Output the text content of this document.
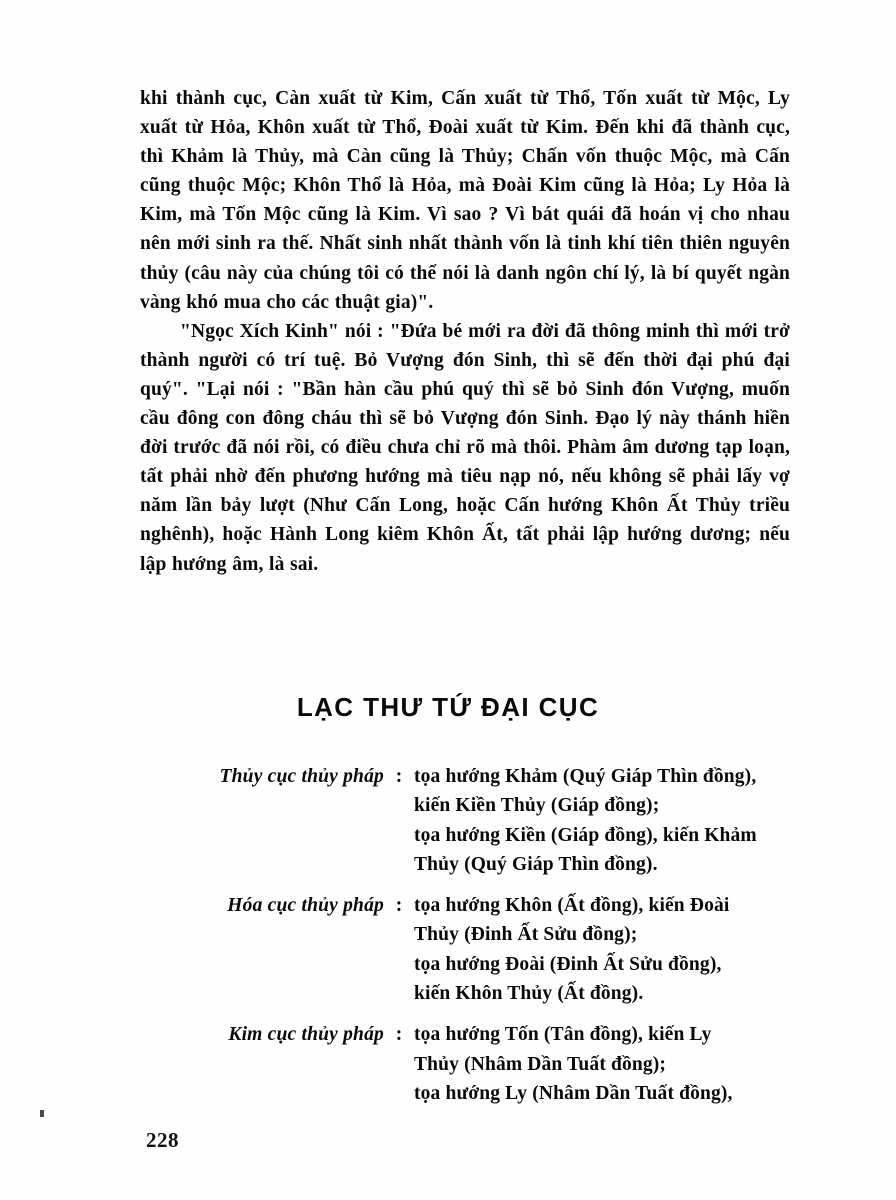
khi thành cục, Càn xuất từ Kim, Cấn xuất từ Thổ, Tốn xuất từ Mộc, Ly xuất từ Hỏa, Khôn xuất từ Thổ, Đoài xuất từ Kim. Đến khi đã thành cục, thì Khảm là Thủy, mà Càn cũng là Thủy; Chấn vốn thuộc Mộc, mà Cấn cũng thuộc Mộc; Khôn Thổ là Hỏa, mà Đoài Kim cũng là Hỏa; Ly Hỏa là Kim, mà Tốn Mộc cũng là Kim. Vì sao ? Vì bát quái đã hoán vị cho nhau nên mới sinh ra thế. Nhất sinh nhất thành vốn là tinh khí tiên thiên nguyên thủy (câu này của chúng tôi có thể nói là danh ngôn chí lý, là bí quyết ngàn vàng khó mua cho các thuật gia)".

"Ngọc Xích Kinh" nói : "Đứa bé mới ra đời đã thông minh thì mới trở thành người có trí tuệ. Bỏ Vượng đón Sinh, thì sẽ đến thời đại phú đại quý". "Lại nói : "Bần hàn cầu phú quý thì sẽ bỏ Sinh đón Vượng, muốn cầu đông con đông cháu thì sẽ bỏ Vượng đón Sinh. Đạo lý này thánh hiền đời trước đã nói rồi, có điều chưa chỉ rõ mà thôi. Phàm âm dương tạp loạn, tất phải nhờ đến phương hướng mà tiêu nạp nó, nếu không sẽ phải lấy vợ năm lần bảy lượt (Như Cấn Long, hoặc Cấn hướng Khôn Ất Thủy triều nghênh), hoặc Hành Long kiêm Khôn Ất, tất phải lập hướng dương; nếu lập hướng âm, là sai.

LẠC THƯ TỨ ĐẠI CỤC
Thủy cục thủy pháp : tọa hướng Khảm (Quý Giáp Thìn đồng),
kiến Kiền Thủy (Giáp đồng);
tọa hướng Kiền (Giáp đồng), kiến Khảm
Thủy (Quý Giáp Thìn đồng).
Hóa cục thủy pháp : tọa hướng Khôn (Ất đồng), kiến Đoài
Thủy (Đinh Ất Sửu đồng);
tọa hướng Đoài (Đinh Ất Sửu đồng),
kiến Khôn Thủy (Ất đồng).
Kim cục thủy pháp : tọa hướng Tốn (Tân đồng), kiến Ly
Thủy (Nhâm Dần Tuất đồng);
tọa hướng Ly (Nhâm Dần Tuất đồng),
228
